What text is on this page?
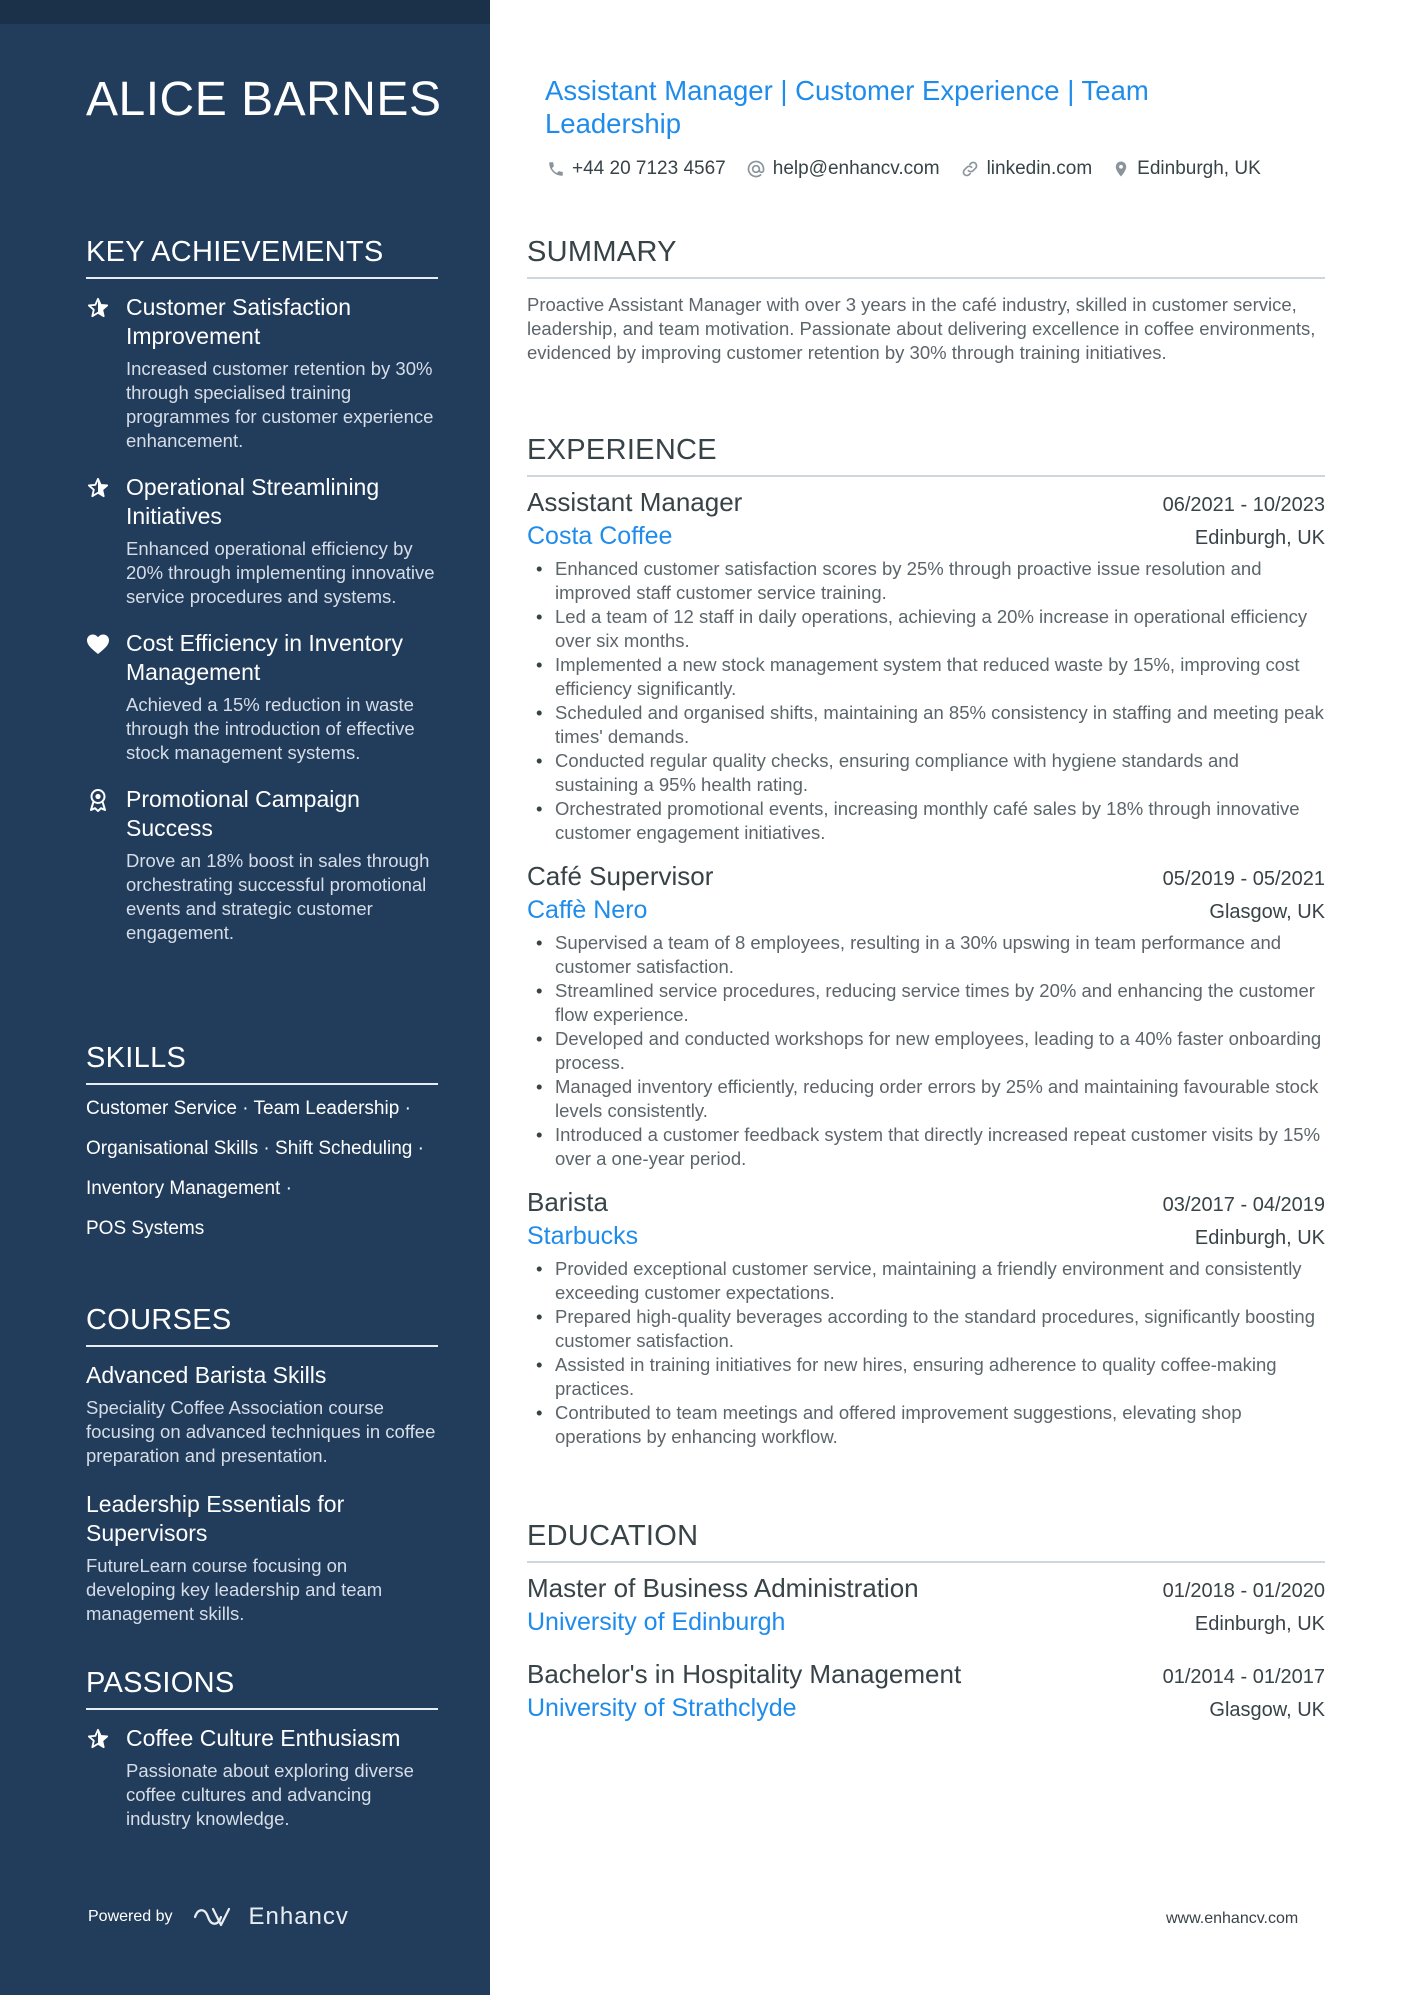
ALICE BARNES
KEY ACHIEVEMENTS
Customer Satisfaction Improvement
Increased customer retention by 30% through specialised training programmes for customer experience enhancement.
Operational Streamlining Initiatives
Enhanced operational efficiency by 20% through implementing innovative service procedures and systems.
Cost Efficiency in Inventory Management
Achieved a 15% reduction in waste through the introduction of effective stock management systems.
Promotional Campaign Success
Drove an 18% boost in sales through orchestrating successful promotional events and strategic customer engagement.
SKILLS
Customer Service · Team Leadership ·
Organisational Skills · Shift Scheduling ·
Inventory Management ·
POS Systems
COURSES
Advanced Barista Skills
Speciality Coffee Association course focusing on advanced techniques in coffee preparation and presentation.
Leadership Essentials for Supervisors
FutureLearn course focusing on developing key leadership and team management skills.
PASSIONS
Coffee Culture Enthusiasm
Passionate about exploring diverse coffee cultures and advancing industry knowledge.
Powered by	Enhancv
Assistant Manager | Customer Experience | Team Leadership
+44 20 7123 4567 help@enhancv.com linkedin.com Edinburgh, UK
SUMMARY
Proactive Assistant Manager with over 3 years in the café industry, skilled in customer service, leadership, and team motivation. Passionate about delivering excellence in coffee environments, evidenced by improving customer retention by 30% through training initiatives.
EXPERIENCE
Assistant Manager	06/2021 - 10/2023
Costa Coffee	Edinburgh, UK
• Enhanced customer satisfaction scores by 25% through proactive issue resolution and improved staff customer service training.
• Led a team of 12 staff in daily operations, achieving a 20% increase in operational efficiency over six months.
• Implemented a new stock management system that reduced waste by 15%, improving cost efficiency significantly.
• Scheduled and organised shifts, maintaining an 85% consistency in staffing and meeting peak times' demands.
• Conducted regular quality checks, ensuring compliance with hygiene standards and sustaining a 95% health rating.
• Orchestrated promotional events, increasing monthly café sales by 18% through innovative customer engagement initiatives.
Café Supervisor	05/2019 - 05/2021
Caffè Nero	Glasgow, UK
• Supervised a team of 8 employees, resulting in a 30% upswing in team performance and customer satisfaction.
• Streamlined service procedures, reducing service times by 20% and enhancing the customer flow experience.
• Developed and conducted workshops for new employees, leading to a 40% faster onboarding process.
• Managed inventory efficiently, reducing order errors by 25% and maintaining favourable stock levels consistently.
• Introduced a customer feedback system that directly increased repeat customer visits by 15% over a one-year period.
Barista	03/2017 - 04/2019
Starbucks	Edinburgh, UK
• Provided exceptional customer service, maintaining a friendly environment and consistently exceeding customer expectations.
• Prepared high-quality beverages according to the standard procedures, significantly boosting customer satisfaction.
• Assisted in training initiatives for new hires, ensuring adherence to quality coffee-making practices.
• Contributed to team meetings and offered improvement suggestions, elevating shop operations by enhancing workflow.
EDUCATION
Master of Business Administration	01/2018 - 01/2020
University of Edinburgh	Edinburgh, UK
Bachelor's in Hospitality Management	01/2014 - 01/2017
University of Strathclyde	Glasgow, UK
www.enhancv.com
